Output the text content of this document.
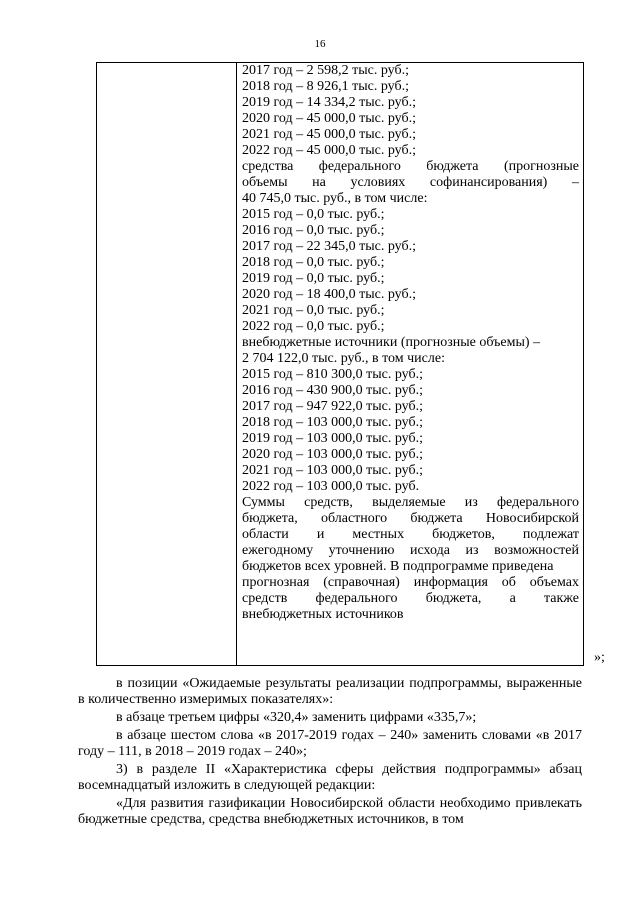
16
2017 год – 2 598,2 тыс. руб.;
2018 год – 8 926,1 тыс. руб.;
2019 год – 14 334,2 тыс. руб.;
2020 год – 45 000,0 тыс. руб.;
2021 год – 45 000,0 тыс. руб.;
2022 год – 45 000,0 тыс. руб.;
средства федерального бюджета (прогнозные
объемы на условиях софинансирования) –
40 745,0 тыс. руб., в том числе:
2015 год – 0,0 тыс. руб.;
2016 год – 0,0 тыс. руб.;
2017 год – 22 345,0 тыс. руб.;
2018 год – 0,0 тыс. руб.;
2019 год – 0,0 тыс. руб.;
2020 год – 18 400,0 тыс. руб.;
2021 год – 0,0 тыс. руб.;
2022 год – 0,0 тыс. руб.;
внебюджетные источники (прогнозные объемы) –
2 704 122,0 тыс. руб., в том числе:
2015 год – 810 300,0 тыс. руб.;
2016 год – 430 900,0 тыс. руб.;
2017 год – 947 922,0 тыс. руб.;
2018 год – 103 000,0 тыс. руб.;
2019 год – 103 000,0 тыс. руб.;
2020 год – 103 000,0 тыс. руб.;
2021 год – 103 000,0 тыс. руб.;
2022 год – 103 000,0 тыс. руб.
Суммы средств, выделяемые из федерального
бюджета, областного бюджета Новосибирской
области и местных бюджетов, подлежат
ежегодному уточнению исхода из возможностей
бюджетов всех уровней. В подпрограмме приведена
прогнозная (справочная) информация об объемах
средств федерального бюджета, а также
внебюджетных источников
»;

в позиции «Ожидаемые результаты реализации подпрограммы, выраженные в количественно измеримых показателях»:

в абзаце третьем цифры «320,4» заменить цифрами «335,7»;

в абзаце шестом слова «в 2017-2019 годах – 240» заменить словами «в 2017 году – 111, в 2018 – 2019 годах – 240»;

3) в разделе II «Характеристика сферы действия подпрограммы» абзац восемнадцатый изложить в следующей редакции:

«Для развития газификации Новосибирской области необходимо привлекать бюджетные средства, средства внебюджетных источников, в том
